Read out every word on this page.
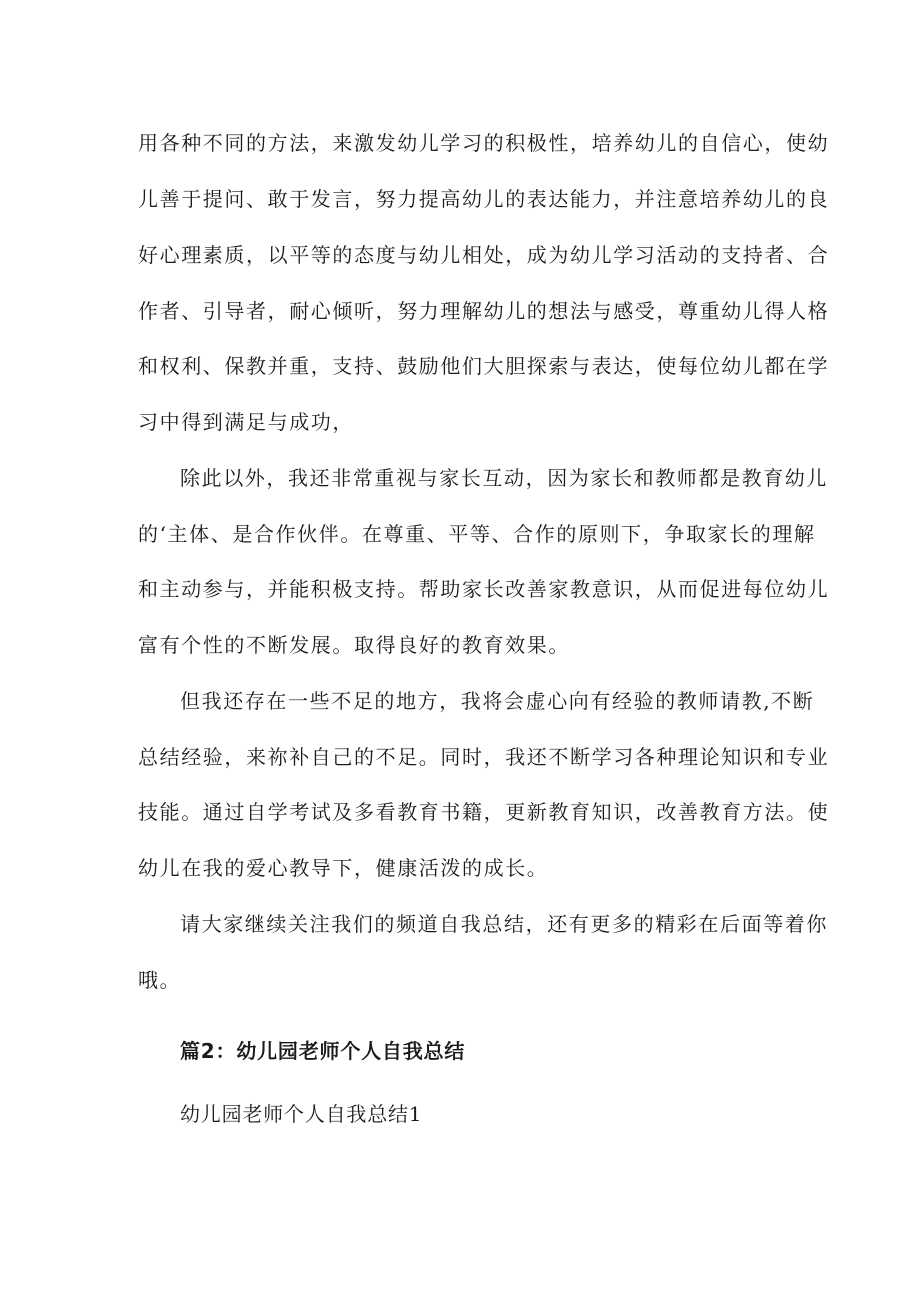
用各种不同的方法，来激发幼儿学习的积极性，培养幼儿的自信心，使幼
儿善于提问、敢于发言，努力提高幼儿的表达能力，并注意培养幼儿的良
好心理素质，以平等的态度与幼儿相处，成为幼儿学习活动的支持者、合
作者、引导者，耐心倾听，努力理解幼儿的想法与感受，尊重幼儿得人格
和权利、保教并重，支持、鼓励他们大胆探索与表达，使每位幼儿都在学
习中得到满足与成功，
除此以外，我还非常重视与家长互动，因为家长和教师都是教育幼儿
的‘主体、是合作伙伴。在尊重、平等、合作的原则下，争取家长的理解
和主动参与，并能积极支持。帮助家长改善家教意识，从而促进每位幼儿
富有个性的不断发展。取得良好的教育效果。
但我还存在一些不足的地方，我将会虚心向有经验的教师请教,不断
总结经验，来祢补自己的不足。同时，我还不断学习各种理论知识和专业
技能。通过自学考试及多看教育书籍，更新教育知识，改善教育方法。使
幼儿在我的爱心教导下，健康活泼的成长。
请大家继续关注我们的频道自我总结，还有更多的精彩在后面等着你
哦。
篇2：幼儿园老师个人自我总结
幼儿园老师个人自我总结1
